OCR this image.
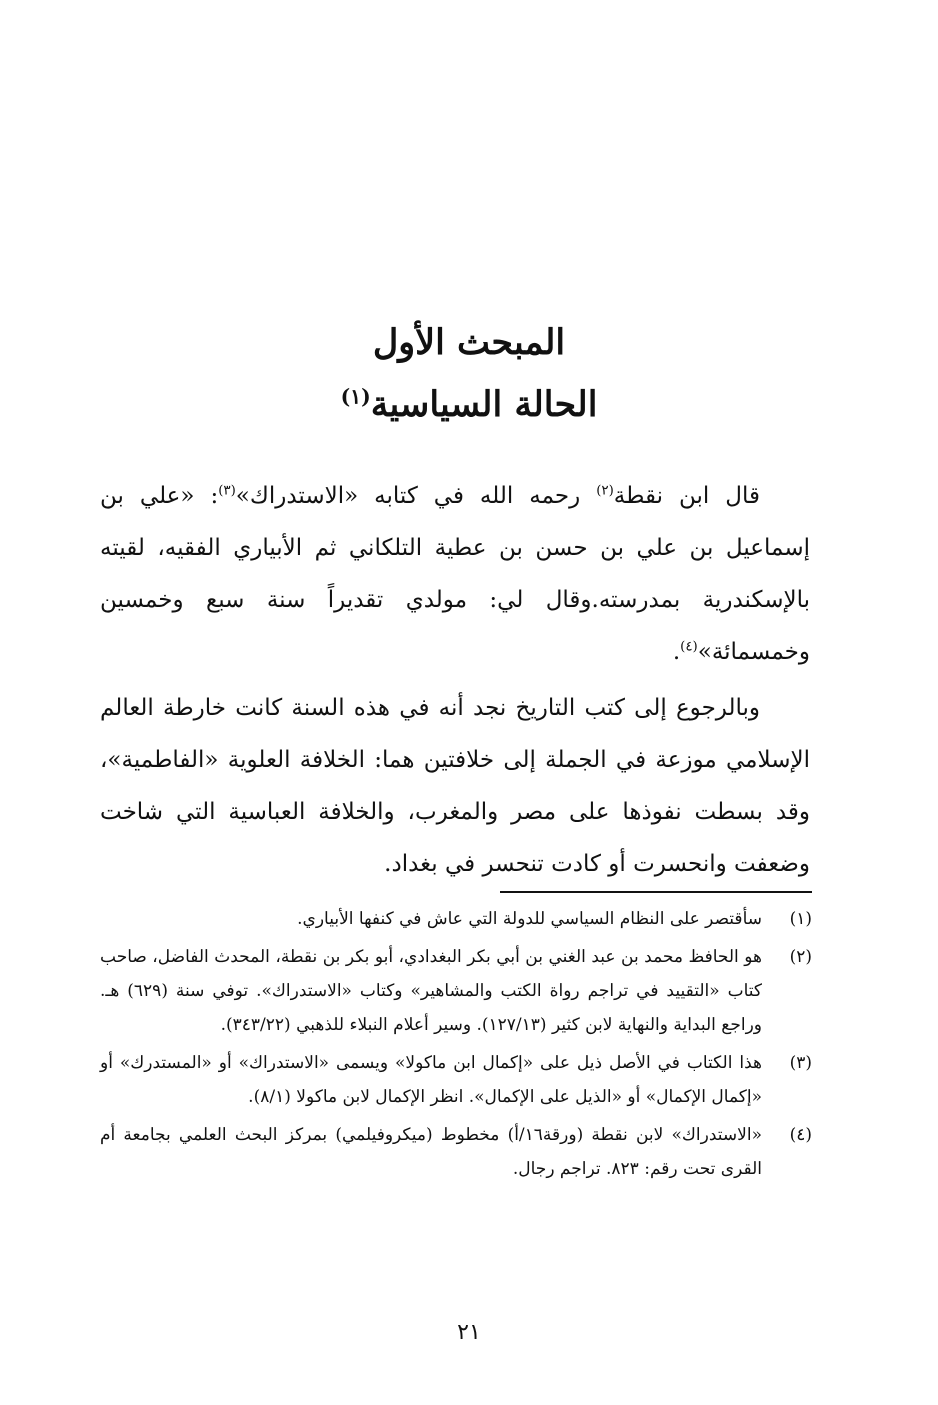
المبحث الأول
الحالة السياسية$^{(١)}$
قال ابن نقطة$^{(٢)}$ رحمه الله في كتابه «الاستدراك»$^{(٣)}$: «علي بن إسماعيل بن علي بن حسن بن عطية التلكاني ثم الأبياري الفقيه، لقيته بالإسكندرية بمدرسته.وقال لي: مولدي تقديراً سنة سبع وخمسين وخمسمائة»$^{(٤)}$.
وبالرجوع إلى كتب التاريخ نجد أنه في هذه السنة كانت خارطة العالم الإسلامي موزعة في الجملة إلى خلافتين هما: الخلافة العلوية «الفاطمية»، وقد بسطت نفوذها على مصر والمغرب، والخلافة العباسية التي شاخت وضعفت وانحسرت أو كادت تنحسر في بغداد.
(١)
سأقتصر على النظام السياسي للدولة التي عاش في كنفها الأبياري.
(٢)
هو الحافظ محمد بن عبد الغني بن أبي بكر البغدادي، أبو بكر بن نقطة، المحدث الفاضل، صاحب كتاب «التقييد في تراجم رواة الكتب والمشاهير» وكتاب «الاستدراك». توفي سنة (٦٢٩) هـ. وراجع البداية والنهاية لابن كثير (١٢٧/١٣). وسير أعلام النبلاء للذهبي (٣٤٣/٢٢).
(٣)
هذا الكتاب في الأصل ذيل على «إكمال ابن ماكولا» ويسمى «الاستدراك» أو «المستدرك» أو «إكمال الإكمال» أو «الذيل على الإكمال». انظر الإكمال لابن ماكولا (٨/١).
(٤)
«الاستدراك» لابن نقطة (ورقة١٦/أ) مخطوط (ميكروفيلمي) بمركز البحث العلمي بجامعة أم القرى تحت رقم: ٨٢٣. تراجم رجال.
٢١
